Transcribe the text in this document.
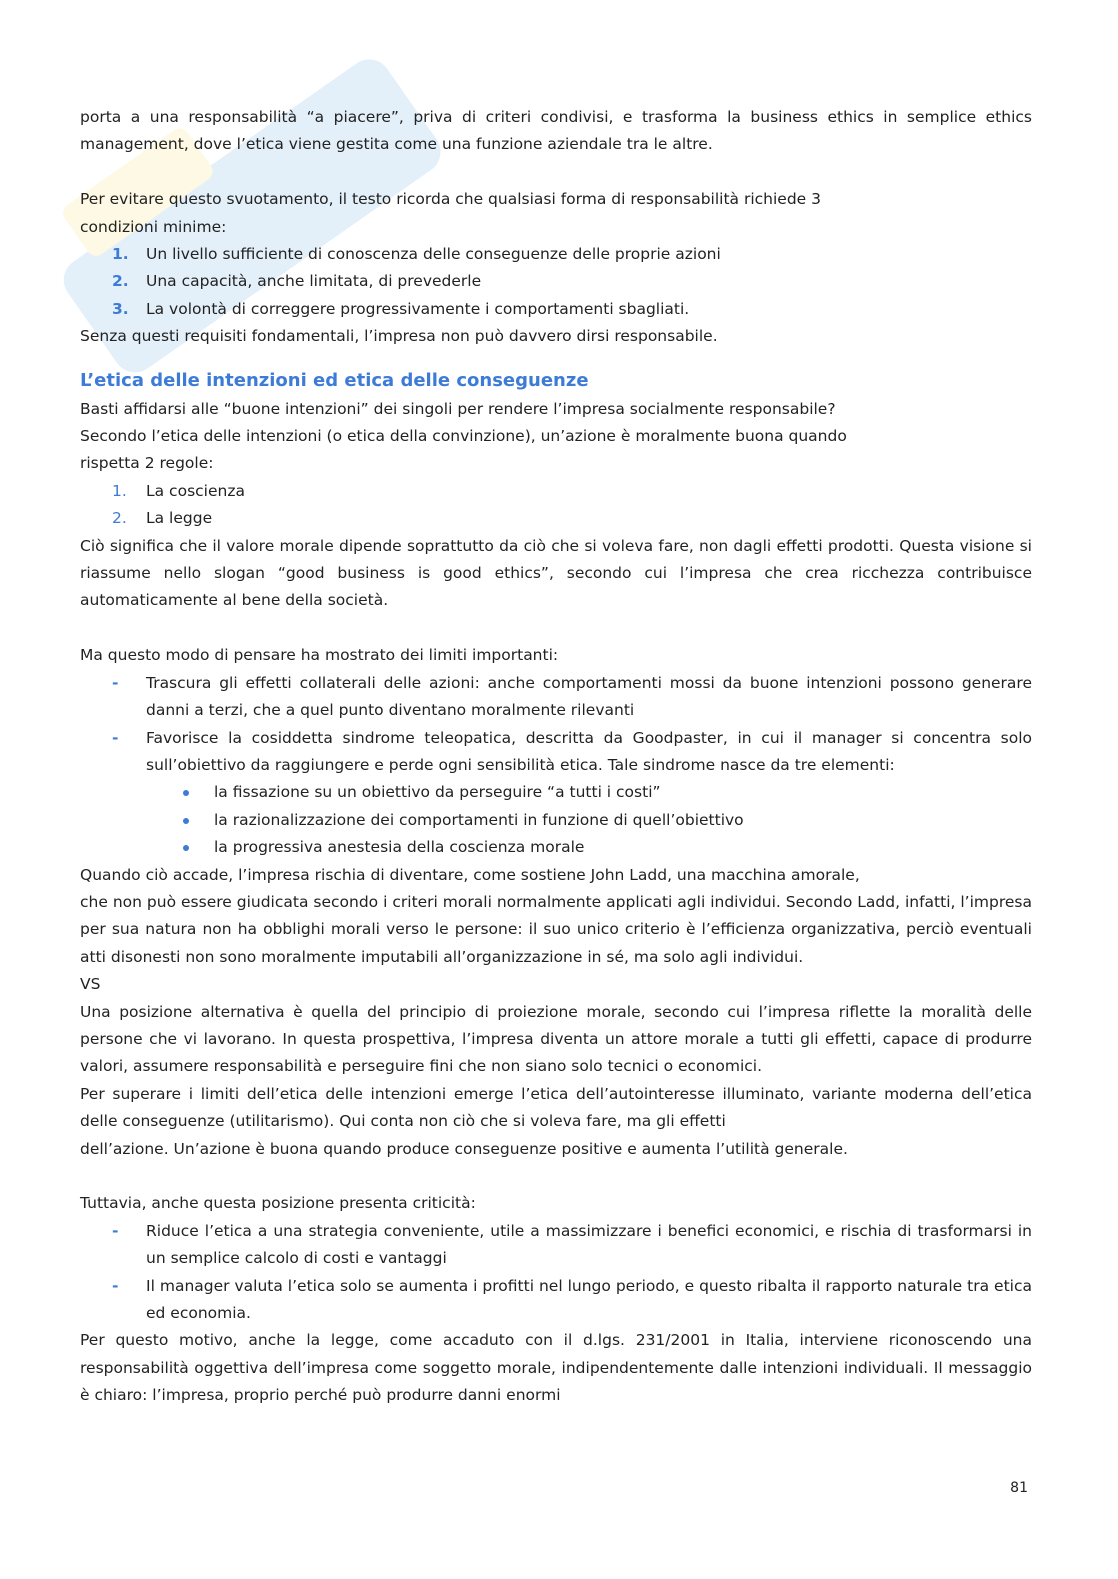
porta a una responsabilità “a piacere”, priva di criteri condivisi, e trasforma la business ethics in semplice ethics management, dove l’etica viene gestita come una funzione aziendale tra le altre.

Per evitare questo svuotamento, il testo ricorda che qualsiasi forma di responsabilità richiede 3

condizioni minime:

1. Un livello sufficiente di conoscenza delle conseguenze delle proprie azioni
2. Una capacità, anche limitata, di prevederle
3. La volontà di correggere progressivamente i comportamenti sbagliati.

Senza questi requisiti fondamentali, l’impresa non può davvero dirsi responsabile.

L’etica delle intenzioni ed etica delle conseguenze

Basti affidarsi alle “buone intenzioni” dei singoli per rendere l’impresa socialmente responsabile?

Secondo l’etica delle intenzioni (o etica della convinzione), un’azione è moralmente buona quando

rispetta 2 regole:

1. La coscienza
2. La legge

Ciò significa che il valore morale dipende soprattutto da ciò che si voleva fare, non dagli effetti prodotti. Questa visione si riassume nello slogan “good business is good ethics”, secondo cui l’impresa che crea ricchezza contribuisce automaticamente al bene della società.

Ma questo modo di pensare ha mostrato dei limiti importanti:

- Trascura gli effetti collaterali delle azioni: anche comportamenti mossi da buone intenzioni possono generare danni a terzi, che a quel punto diventano moralmente rilevanti
- Favorisce la cosiddetta sindrome teleopatica, descritta da Goodpaster, in cui il manager si concentra solo sull’obiettivo da raggiungere e perde ogni sensibilità etica. Tale sindrome nasce da tre elementi:
la fissazione su un obiettivo da perseguire “a tutti i costi”
la razionalizzazione dei comportamenti in funzione di quell’obiettivo
la progressiva anestesia della coscienza morale

Quando ciò accade, l’impresa rischia di diventare, come sostiene John Ladd, una macchina amorale,

che non può essere giudicata secondo i criteri morali normalmente applicati agli individui. Secondo Ladd, infatti, l’impresa per sua natura non ha obblighi morali verso le persone: il suo unico criterio è l’efficienza organizzativa, perciò eventuali atti disonesti non sono moralmente imputabili all’organizzazione in sé, ma solo agli individui.

VS

Una posizione alternativa è quella del principio di proiezione morale, secondo cui l’impresa riflette la moralità delle persone che vi lavorano. In questa prospettiva, l’impresa diventa un attore morale a tutti gli effetti, capace di produrre valori, assumere responsabilità e perseguire fini che non siano solo tecnici o economici.

Per superare i limiti dell’etica delle intenzioni emerge l’etica dell’autointeresse illuminato, variante moderna dell’etica delle conseguenze (utilitarismo). Qui conta non ciò che si voleva fare, ma gli effetti

dell’azione. Un’azione è buona quando produce conseguenze positive e aumenta l’utilità generale.

Tuttavia, anche questa posizione presenta criticità:

- Riduce l’etica a una strategia conveniente, utile a massimizzare i benefici economici, e rischia di trasformarsi in un semplice calcolo di costi e vantaggi
- Il manager valuta l’etica solo se aumenta i profitti nel lungo periodo, e questo ribalta il rapporto naturale tra etica ed economia.

Per questo motivo, anche la legge, come accaduto con il d.lgs. 231/2001 in Italia, interviene riconoscendo una responsabilità oggettiva dell’impresa come soggetto morale, indipendentemente dalle intenzioni individuali. Il messaggio è chiaro: l’impresa, proprio perché può produrre danni enormi

81
